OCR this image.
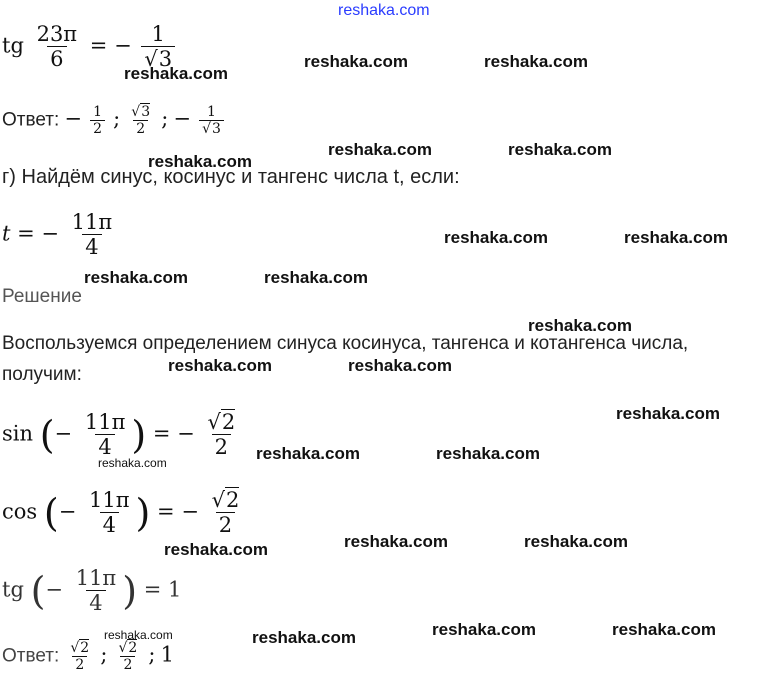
reshaka.com
reshaka.com
reshaka.com	reshaka.com
reshaka.com
reshaka.com	reshaka.com
reshaka.com	reshaka.com
reshaka.com	reshaka.com
reshaka.com
reshaka.com	reshaka.com
reshaka.com
reshaka.com	reshaka.com	reshaka.com
reshaka.com	reshaka.com	reshaka.com
reshaka.com	reshaka.com	reshaka.com	reshaka.com
tg $\frac{23\pi}{6}$ = − $\frac{1}{√3}$
Ответ: − $\frac{1}{2}$ ; $\frac{√3}{2}$ ; − $\frac{1}{√3}$
г) Найдём синус, косинус и тангенс числа t, если:
t = − $\frac{11\pi}{4}$
Решение
Воспользуемся определением синуса косинуса, тангенса и котангенса числа,
получим:
sin (− $\frac{11\pi}{4}$ ) = − $\frac{√2}{2}$
cos (− $\frac{11\pi}{4}$ ) = − $\frac{√2}{2}$
tg (− $\frac{11\pi}{4}$ ) = 1
Ответ: $\frac{√2}{2}$ ; $\frac{√2}{2}$ ; 1
